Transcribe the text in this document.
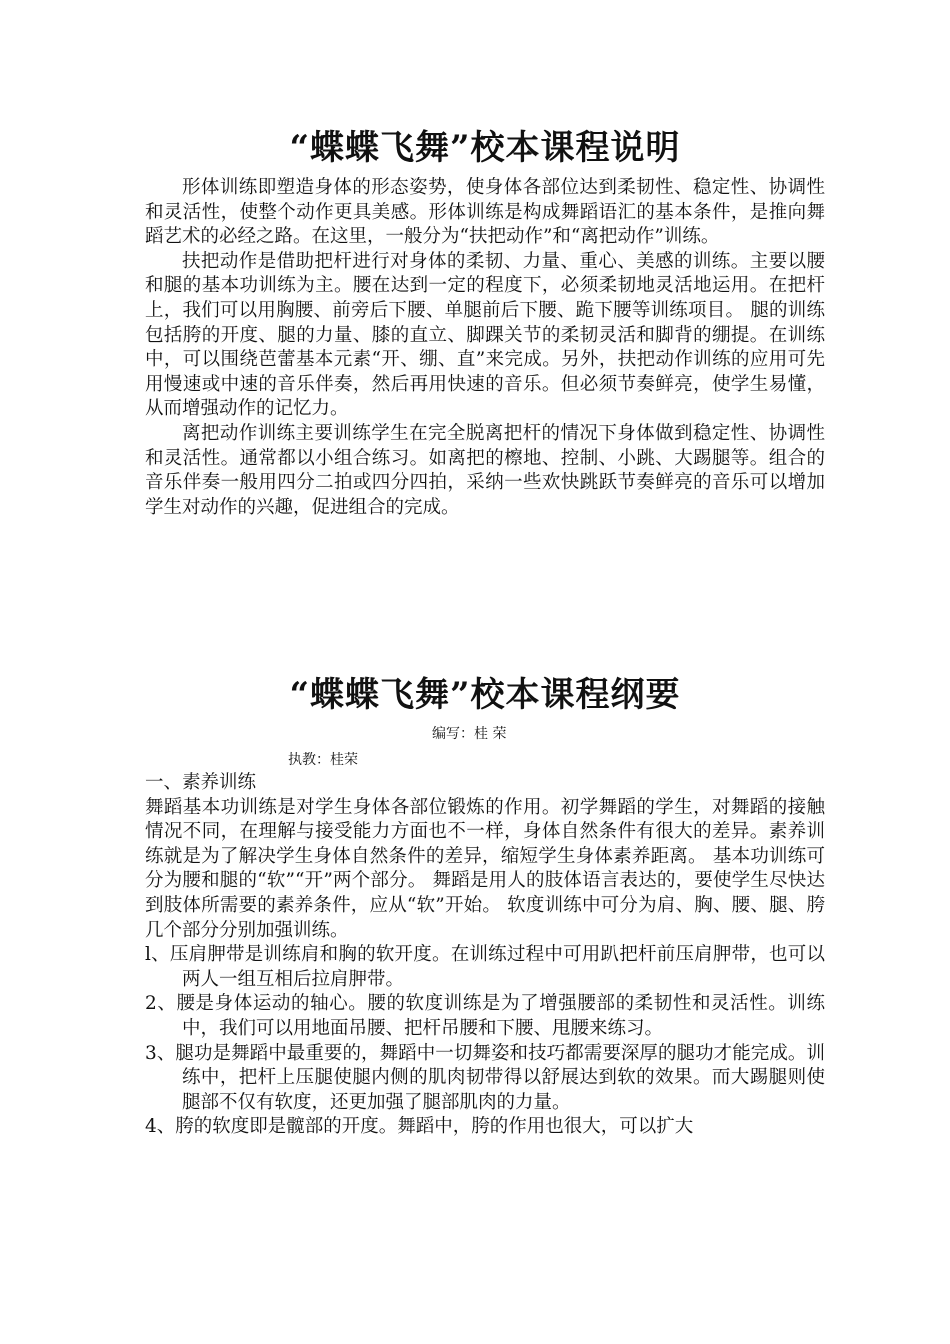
“蝶蝶飞舞”校本课程说明

形体训练即塑造身体的形态姿势，使身体各部位达到柔韧性、稳定性、协调性和灵活性，使整个动作更具美感。形体训练是构成舞蹈语汇的基本条件，是推向舞蹈艺术的必经之路。在这里，一般分为“扶把动作”和“离把动作”训练。

扶把动作是借助把杆进行对身体的柔韧、力量、重心、美感的训练。主要以腰和腿的基本功训练为主。腰在达到一定的程度下，必须柔韧地灵活地运用。在把杆上，我们可以用胸腰、前旁后下腰、单腿前后下腰、跪下腰等训练项目。 腿的训练包括胯的开度、腿的力量、膝的直立、脚踝关节的柔韧灵活和脚背的绷提。在训练中，可以围绕芭蕾基本元素“开、绷、直”来完成。另外，扶把动作训练的应用可先用慢速或中速的音乐伴奏，然后再用快速的音乐。但必须节奏鲜亮，使学生易懂，从而增强动作的记忆力。

离把动作训练主要训练学生在完全脱离把杆的情况下身体做到稳定性、协调性和灵活性。通常都以小组合练习。如离把的檫地、控制、小跳、大踢腿等。组合的音乐伴奏一般用四分二拍或四分四拍，采纳一些欢快跳跃节奏鲜亮的音乐可以增加学生对动作的兴趣，促进组合的完成。

“蝶蝶飞舞”校本课程纲要
编写：桂 荣
执教：桂荣

一、素养训练

舞蹈基本功训练是对学生身体各部位锻炼的作用。初学舞蹈的学生，对舞蹈的接触情况不同，在理解与接受能力方面也不一样，身体自然条件有很大的差异。素养训练就是为了解决学生身体自然条件的差异，缩短学生身体素养距离。 基本功训练可分为腰和腿的“软”“开”两个部分。 舞蹈是用人的肢体语言表达的，要使学生尽快达到肢体所需要的素养条件，应从“软”开始。 软度训练中可分为肩、胸、腰、腿、胯几个部分分别加强训练。

l、压肩胛带是训练肩和胸的软开度。在训练过程中可用趴把杆前压肩胛带，也可以两人一组互相后拉肩胛带。

2、腰是身体运动的轴心。腰的软度训练是为了增强腰部的柔韧性和灵活性。训练中，我们可以用地面吊腰、把杆吊腰和下腰、甩腰来练习。

3、腿功是舞蹈中最重要的，舞蹈中一切舞姿和技巧都需要深厚的腿功才能完成。训练中，把杆上压腿使腿内侧的肌肉韧带得以舒展达到软的效果。而大踢腿则使腿部不仅有软度，还更加强了腿部肌肉的力量。

4、胯的软度即是髋部的开度。舞蹈中，胯的作用也很大，可以扩大
